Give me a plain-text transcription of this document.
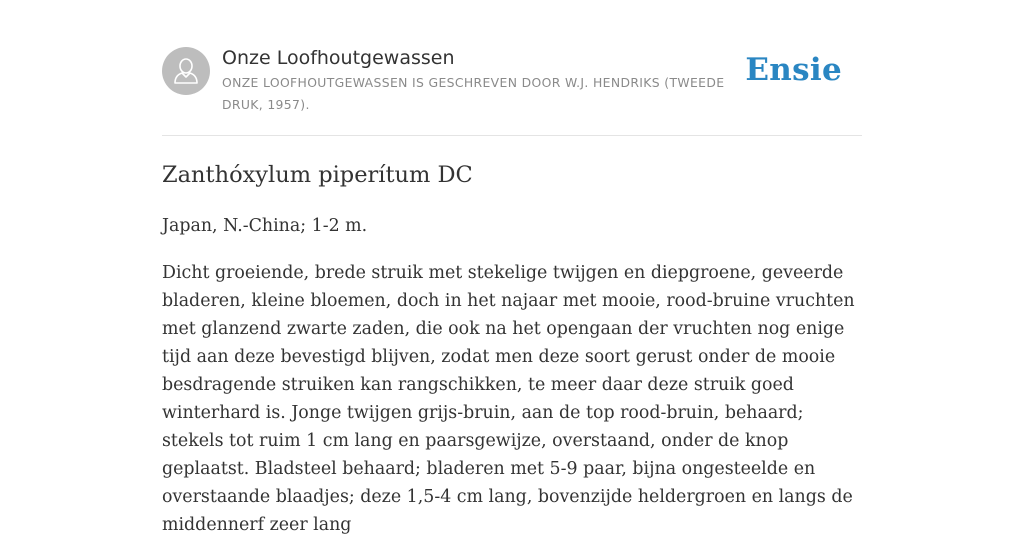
Onze Loofhoutgewassen
ONZE LOOFHOUTGEWASSEN IS GESCHREVEN DOOR W.J. HENDRIKS (TWEEDE DRUK, 1957).
Ensie
Zanthóxylum piperítum DC

Japan, N.-China; 1-2 m.

Dicht groeiende, brede struik met stekelige twijgen en diepgroene, geveerde bladeren, kleine bloemen, doch in het najaar met mooie, rood-bruine vruchten met glanzend zwarte zaden, die ook na het opengaan der vruchten nog enige tijd aan deze bevestigd blijven, zodat men deze soort gerust onder de mooie besdragende struiken kan rangschikken, te meer daar deze struik goed winterhard is. Jonge twijgen grijs-bruin, aan de top rood-bruin, behaard; stekels tot ruim 1 cm lang en paarsgewijze, overstaand, onder de knop geplaatst. Bladsteel behaard; bladeren met 5-9 paar, bijna ongesteelde en overstaande blaadjes; deze 1,5-4 cm lang, bovenzijde heldergroen en langs de middennerf zeer lang
